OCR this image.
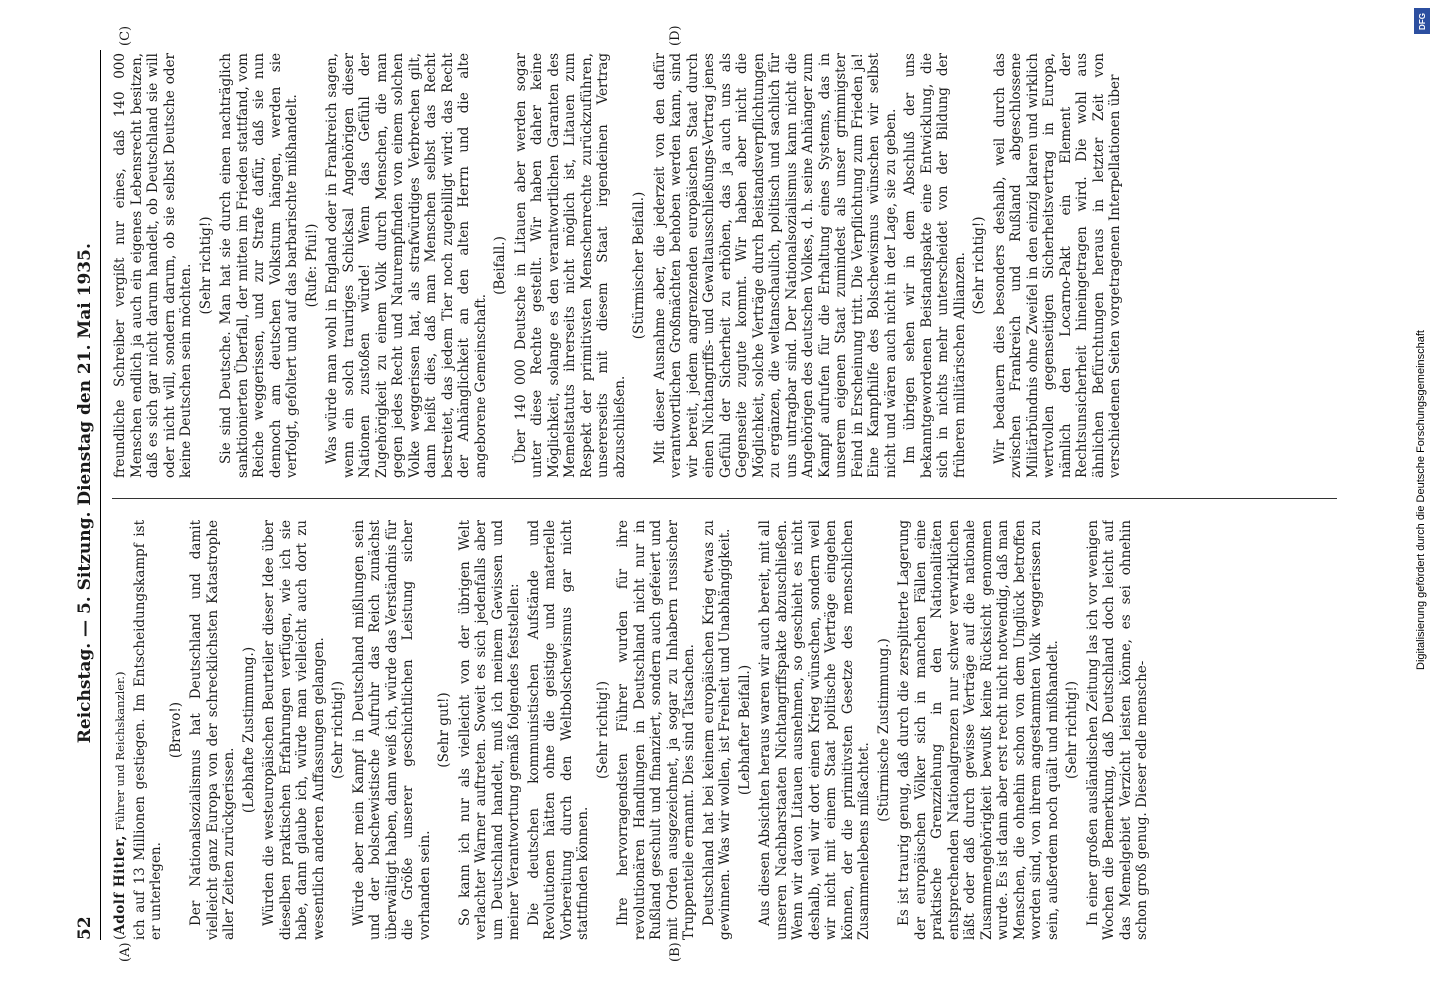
52
Reichstag. — 5. Sitzung. Dienstag den 21. Mai 1935.
(A)	(B)
(C)	(D)

(Adolf Hitler, Führer und Reichskanzler.) ich auf 13 Millionen gestiegen. Im Entscheidungskampf ist er unterlegen.

(Bravo!) Der Nationalsozialismus hat Deutschland und damit vielleicht ganz Europa von der schrecklichsten Katastrophe aller Zeiten zurückgerissen.

(Lebhafte Zustimmung.) Würden die westeuropäischen Beurteiler dieser Idee über dieselben praktischen Erfahrungen verfügen, wie ich sie habe, dann glaube ich, würde man vielleicht auch dort zu wesentlich anderen Auffassungen gelangen. (Sehr richtig!) Würde aber mein Kampf in Deutschland mißlungen sein und der bolschewistische Aufruhr das Reich zunächst überwältigt haben, dann weiß ich, würde das Verständnis für die Größe unserer geschichtlichen Leistung sicher vorhanden sein.

(Sehr gut!) So kann ich nur als vielleicht von der übrigen Welt verlachter Warner auftreten. Soweit es sich jedenfalls aber um Deutschland handelt, muß ich meinem Gewissen und meiner Verantwortung gemäß folgendes feststellen: Die deutschen kommunistischen Aufstände und Revolutionen hätten ohne die geistige und materielle Vorbereitung durch den Weltbolschewismus gar nicht stattfinden können.

(Sehr richtig!) Ihre hervorragendsten Führer wurden für ihre revolutionären Handlungen in Deutschland nicht nur in Rußland geschult und finanziert, sondern auch gefeiert und mit Orden ausgezeichnet, ja sogar zu Inhabern russischer Truppenteile ernannt. Dies sind Tatsachen. Deutschland hat bei keinem europäischen Krieg etwas zu gewinnen. Was wir wollen, ist Freiheit und Unabhängigkeit. (Lebhafter Beifall.) Aus diesen Absichten heraus waren wir auch bereit, mit all unseren Nachbarstaaten Nichtangriffspakte abzuschließen. Wenn wir davon Litauen ausnehmen, so geschieht es nicht deshalb, weil wir dort einen Krieg wünschen, sondern weil wir nicht mit einem Staat politische Verträge eingehen können, der die primitivsten Gesetze des menschlichen Zusammenlebens mißachtet.

(Stürmische Zustimmung.) Es ist traurig genug, daß durch die zersplitterte Lagerung der europäischen Völker sich in manchen Fällen eine praktische Grenzziehung in den Nationalitäten entsprechenden Nationalgrenzen nur schwer verwirklichen läßt oder daß durch gewisse Verträge auf die nationale Zusammengehörigkeit bewußt keine Rücksicht genommen wurde. Es ist dann aber erst recht nicht notwendig, daß man Menschen, die ohnehin schon von dem Unglück betroffen worden sind, von ihrem angestammten Volk weggerissen zu sein, außerdem noch quält und mißhandelt. (Sehr richtig!) In einer großen ausländischen Zeitung las ich vor wenigen Wochen die Bemerkung, daß Deutschland doch leicht auf das Memelgebiet Verzicht leisten könne, es sei ohnehin schon groß genug. Dieser edle mensche-

freundliche Schreiber vergißt nur eines, daß 140 000 Menschen endlich ja auch ein eigenes Lebensrecht besitzen, daß es sich gar nicht darum handelt, ob Deutschland sie will oder nicht will, sondern darum, ob sie selbst Deutsche oder keine Deutschen sein möchten. (Sehr richtig!) Sie sind Deutsche. Man hat sie durch einen nachträglich sanktionierten Überfall, der mitten im Frieden stattfand, vom Reiche weggerissen, und zur Strafe dafür, daß sie nun dennoch am deutschen Volkstum hängen, werden sie verfolgt, gefoltert und auf das barbarischte mißhandelt. (Rufe: Pfui!) Was würde man wohl in England oder in Frankreich sagen, wenn ein solch trauriges Schicksal Angehörigen dieser Nationen zustoßen würde! Wenn das Gefühl der Zugehörigkeit zu einem Volk durch Menschen, die man gegen jedes Recht und Naturempfinden von einem solchen Volke weggerissen hat, als strafwürdiges Verbrechen gilt, dann heißt dies, daß man Menschen selbst das Recht bestreitet, das jedem Tier noch zugebilligt wird: das Recht der Anhänglichkeit an den alten Herrn und die alte angeborene Gemeinschaft.

(Beifall.) Über 140 000 Deutsche in Litauen aber werden sogar unter diese Rechte gestellt. Wir haben daher keine Möglichkeit, solange es den verantwortlichen Garanten des Memelstatuts ihrerseits nicht möglich ist, Litauen zum Respekt der primitivsten Menschenrechte zurückzuführen, unsererseits mit diesem Staat irgendeinen Vertrag abzuschließen.

(Stürmischer Beifall.) Mit dieser Ausnahme aber, die jederzeit von den dafür verantwortlichen Großmächten behoben werden kann, sind wir bereit, jedem angrenzenden europäischen Staat durch einen Nichtangriffs- und Gewaltausschließungs-Vertrag jenes Gefühl der Sicherheit zu erhöhen, das ja auch uns als Gegenseite zugute kommt. Wir haben aber nicht die Möglichkeit, solche Verträge durch Beistandsverpflichtungen zu ergänzen, die weltanschaulich, politisch und sachlich für uns untragbar sind. Der Nationalsozialismus kann nicht die Angehörigen des deutschen Volkes, d. h. seine Anhänger zum Kampf aufrufen für die Erhaltung eines Systems, das in unserem eigenen Staat zumindest als unser grimmigster Feind in Erscheinung tritt. Die Verpflichtung zum Frieden ja! Eine Kampfhilfe des Bolschewismus wünschen wir selbst nicht und wären auch nicht in der Lage, sie zu geben. Im übrigen sehen wir in dem Abschluß der uns bekanntgewordenen Beistandspakte eine Entwicklung, die sich in nichts mehr unterscheidet von der Bildung der früheren militärischen Allianzen. (Sehr richtig!) Wir bedauern dies besonders deshalb, weil durch das zwischen Frankreich und Rußland abgeschlossene Militärbündnis ohne Zweifel in den einzig klaren und wirklich wertvollen gegenseitigen Sicherheitsvertrag in Europa, nämlich den Locarno-Pakt ein Element der Rechtsunsicherheit hineingetragen wird. Die wohl aus ähnlichen Befürchtungen heraus in letzter Zeit von verschiedenen Seiten vorgetragenen Interpellationen über

DFG
Digitalisierung gefördert durch die Deutsche Forschungsgemeinschaft
